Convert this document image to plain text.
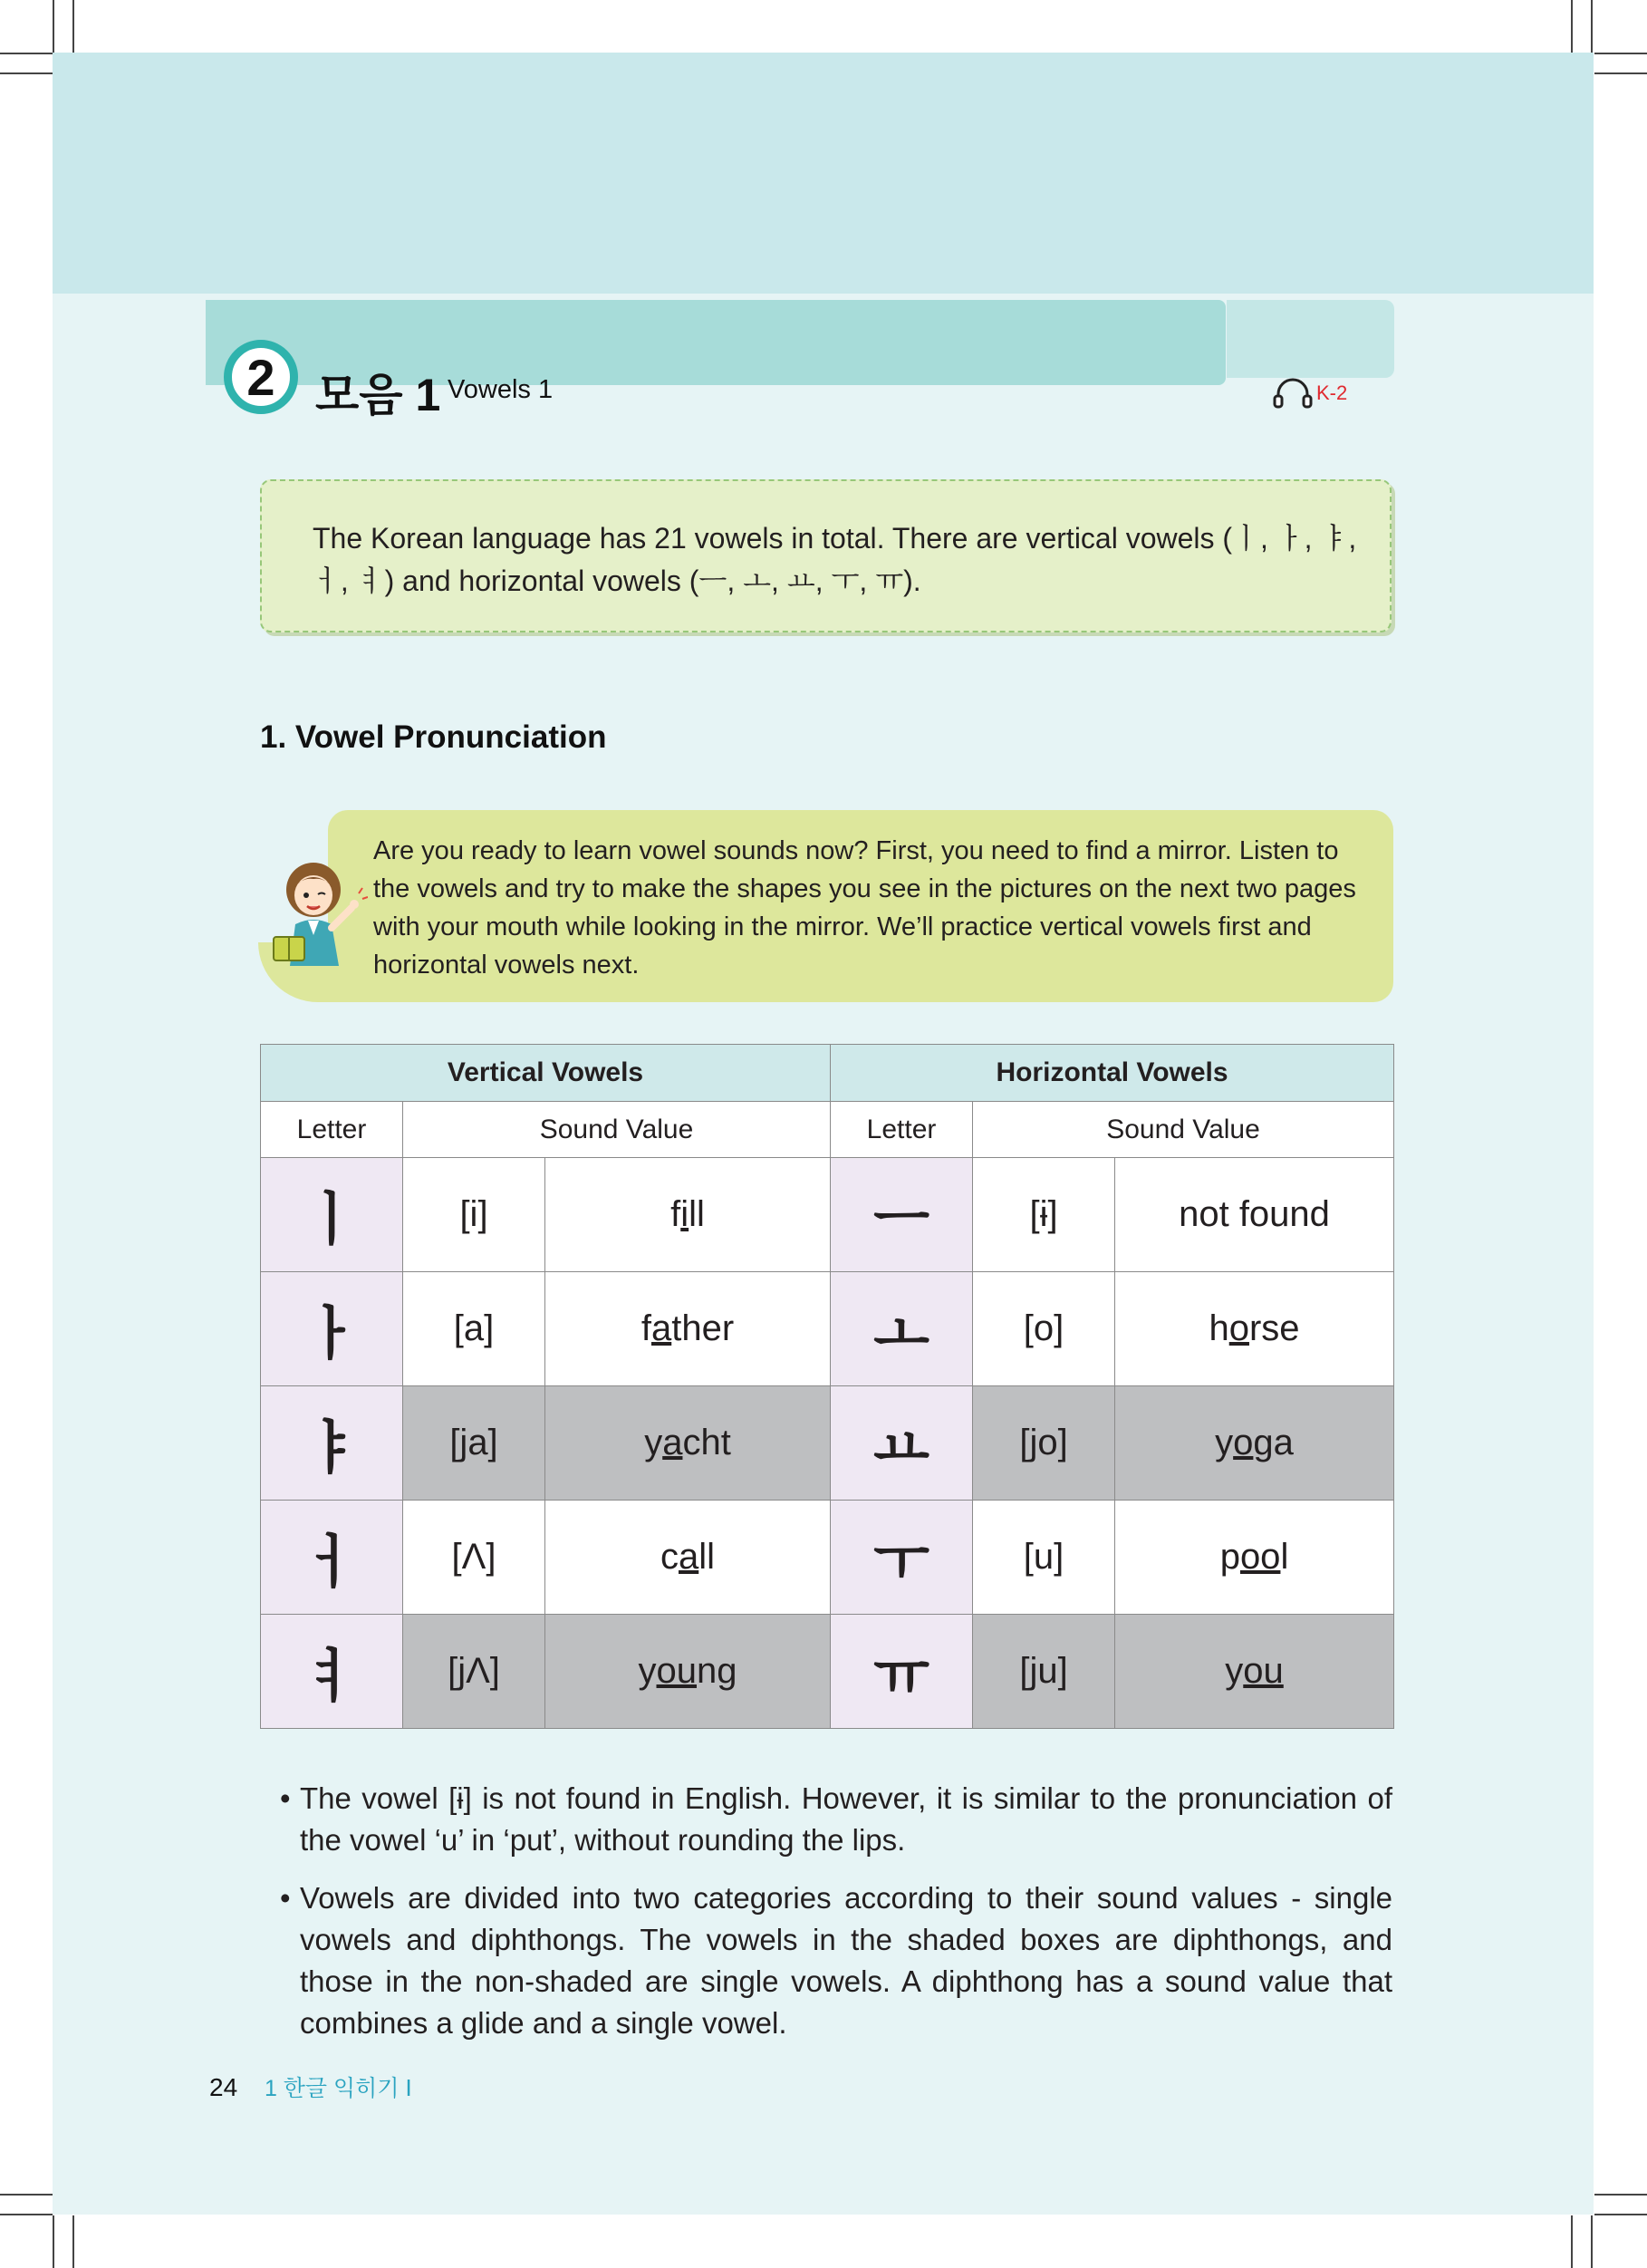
2 모음 1 Vowels 1	K-2

The Korean language has 21 vowels in total. There are vertical vowels (ㅣ, ㅏ, ㅑ, ㅓ, ㅕ) and horizontal vowels (ㅡ, ㅗ, ㅛ, ㅜ, ㅠ).

1. Vowel Pronunciation

Are you ready to learn vowel sounds now? First, you need to find a mirror. Listen to the vowels and try to make the shapes you see in the pictures on the next two pages with your mouth while looking in the mirror. We’ll practice vertical vowels first and horizontal vowels next.

Vertical Vowels			Horizontal Vowels		
Letter	Sound Value		Letter	Sound Value	
ㅣ	[i]	fill	ㅡ	[ɨ]	not found
ㅏ	[a]	father	ㅗ	[o]	horse
ㅑ	[ja]	yacht	ㅛ	[jo]	yoga
ㅓ	[Λ]	call	ㅜ	[u]	pool
ㅕ	[jΛ]	young	ㅠ	[ju]	you
• The vowel [ɨ] is not found in English. However, it is similar to the pronunciation of the vowel ‘u’ in ‘put’, without rounding the lips.
• Vowels are divided into two categories according to their sound values - single vowels and diphthongs. The vowels in the shaded boxes are diphthongs, and those in the non-shaded are single vowels. A diphthong has a sound value that combines a glide and a single vowel.
24 1 한글 익히기 Ⅰ
